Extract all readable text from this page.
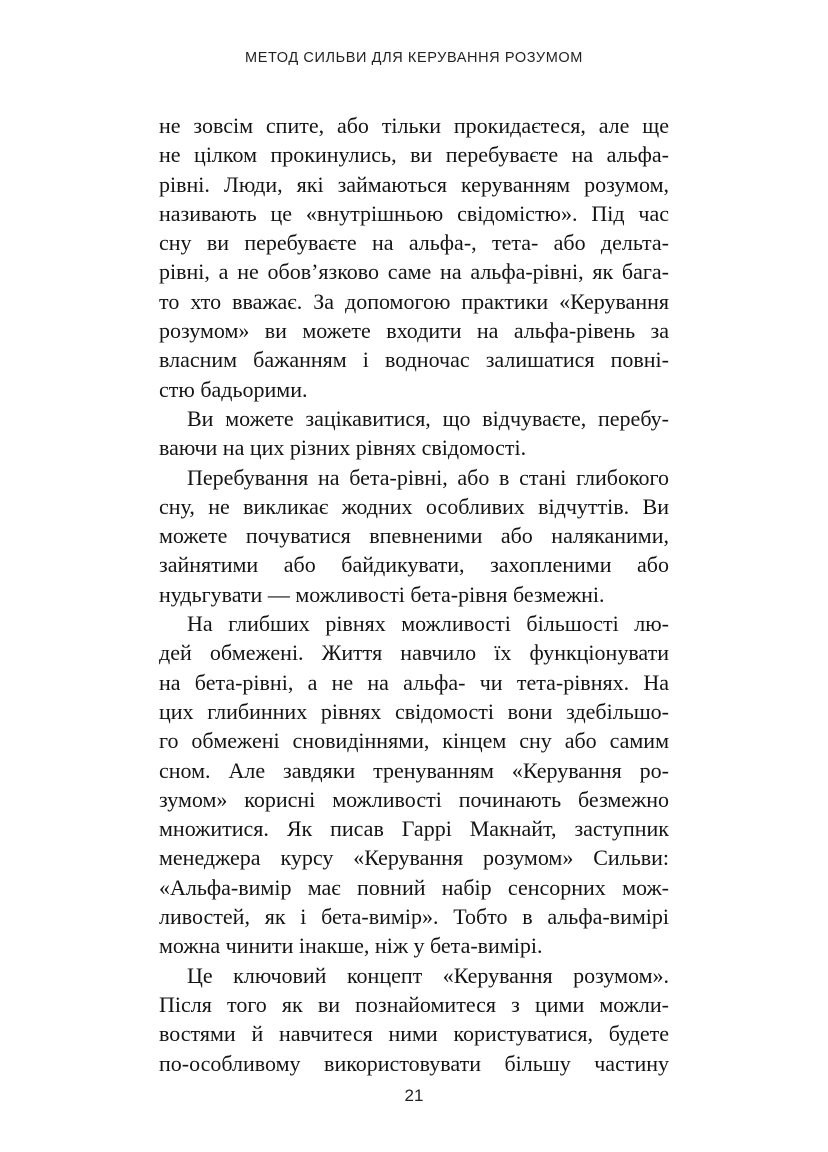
МЕТОД СИЛЬВИ ДЛЯ КЕРУВАННЯ РОЗУМОМ

не зовсім спите, або тільки прокидаєтеся, але ще

не цілком прокинулись, ви перебуваєте на альфа-

рівні. Люди, які займаються керуванням розумом,

називають це «внутрішньою свідомістю». Під час

сну ви перебуваєте на альфа-, тета- або дельта-

рівні, а не обов’язково саме на альфа-рівні, як бага-

то хто вважає. За допомогою практики «Керування

розумом» ви можете входити на альфа-рівень за

власним бажанням і водночас залишатися повні-

стю бадьорими.

Ви можете зацікавитися, що відчуваєте, перебу-

ваючи на цих різних рівнях свідомості.

Перебування на бета-рівні, або в стані глибокого

сну, не викликає жодних особливих відчуттів. Ви

можете почуватися впевненими або наляканими,

зайнятими або байдикувати, захопленими або

нудьгувати — можливості бета-рівня безмежні.

На глибших рівнях можливості більшості лю-

дей обмежені. Життя навчило їх функціонувати

на бета-рівні, а не на альфа- чи тета-рівнях. На

цих глибинних рівнях свідомості вони здебільшо-

го обмежені сновидіннями, кінцем сну або самим

сном. Але завдяки тренуванням «Керування ро-

зумом» корисні можливості починають безмежно

множитися. Як писав Гаррі Макнайт, заступник

менеджера курсу «Керування розумом» Сильви:

«Альфа-вимір має повний набір сенсорних мож-

ливостей, як і бета-вимір». Тобто в альфа-вимірі

можна чинити інакше, ніж у бета-вимірі.

Це ключовий концепт «Керування розумом».

Після того як ви познайомитеся з цими можли-

востями й навчитеся ними користуватися, будете

по-особливому використовувати більшу частину

21
